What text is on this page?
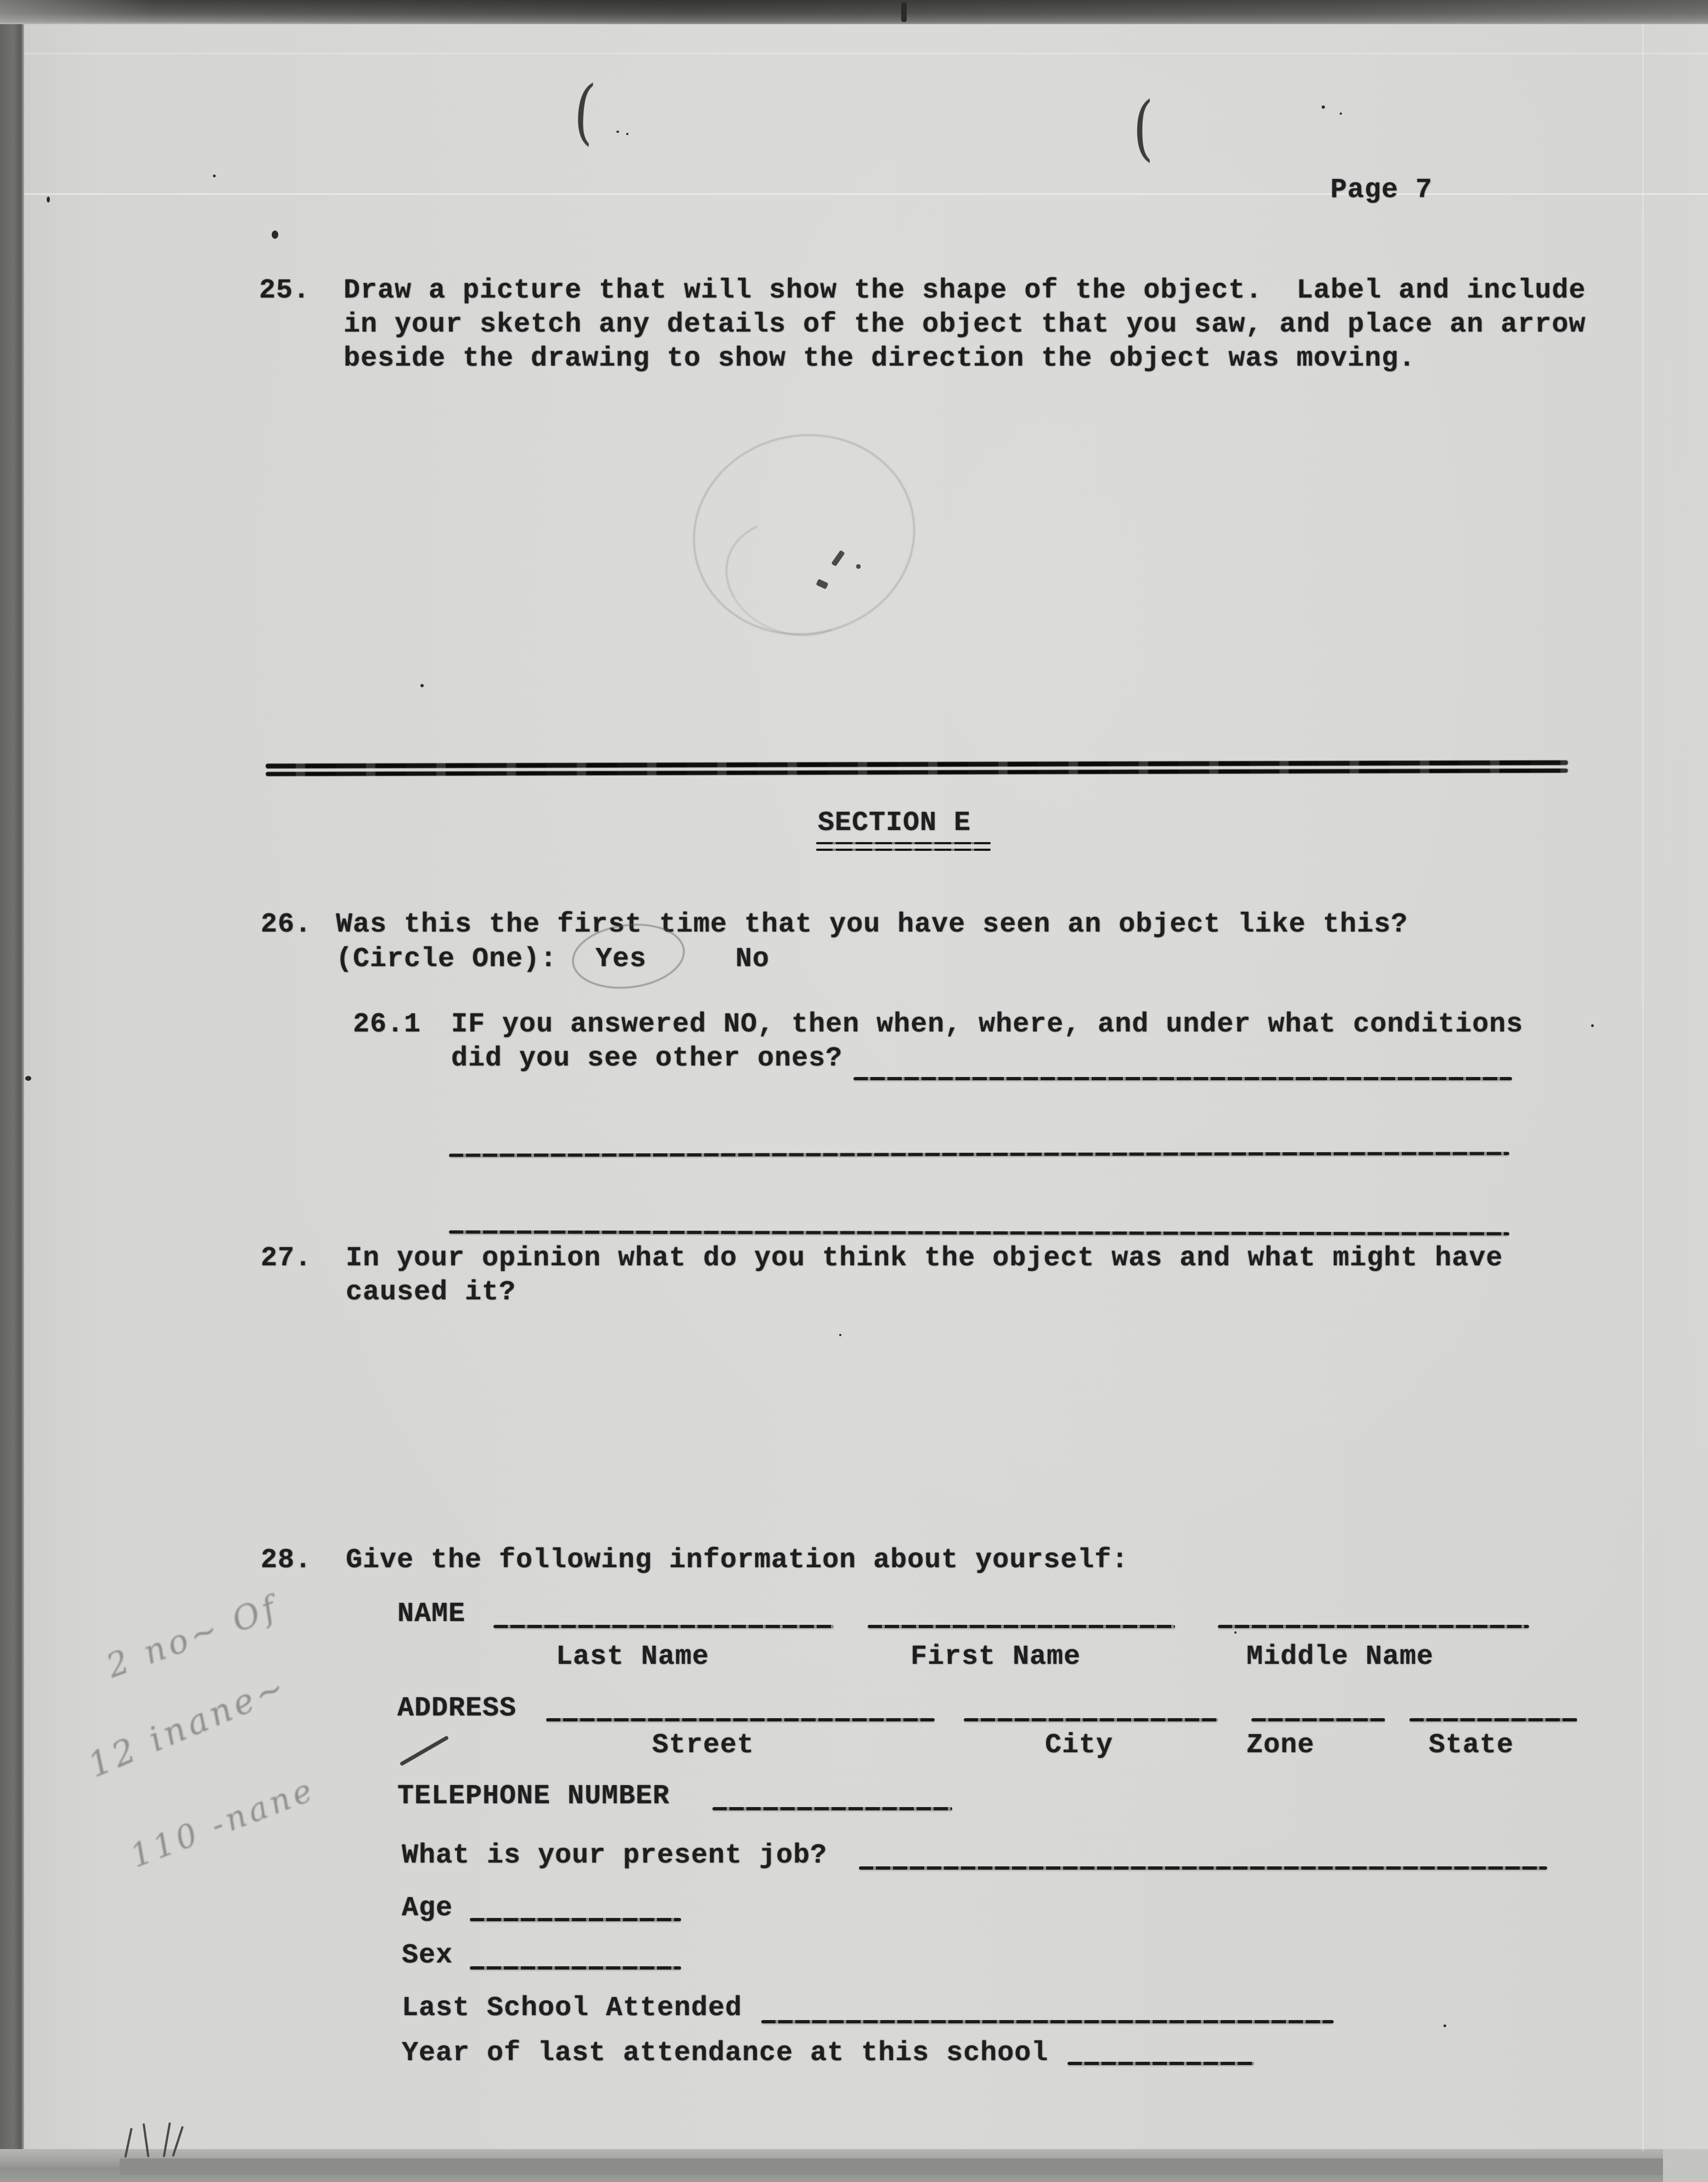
Page 7
(	(
25. Draw a picture that will show the shape of the object.  Label and include
in your sketch any details of the object that you saw, and place an arrow
beside the drawing to show the direction the object was moving.
SECTION E
26. Was this the first time that you have seen an object like this?
(Circle One): Yes	No
26.1 IF you answered NO, then when, where, and under what conditions
did you see other ones?
27. In your opinion what do you think the object was and what might have
caused it?
28. Give the following information about yourself:
NAME
Last Name	First Name	Middle Name
ADDRESS
Street	City	Zone	State
TELEPHONE NUMBER
What is your present job?
Age
Sex
Last School Attended
Year of last attendance at this school
2 no~ Of
12 inane~
110 -nane
